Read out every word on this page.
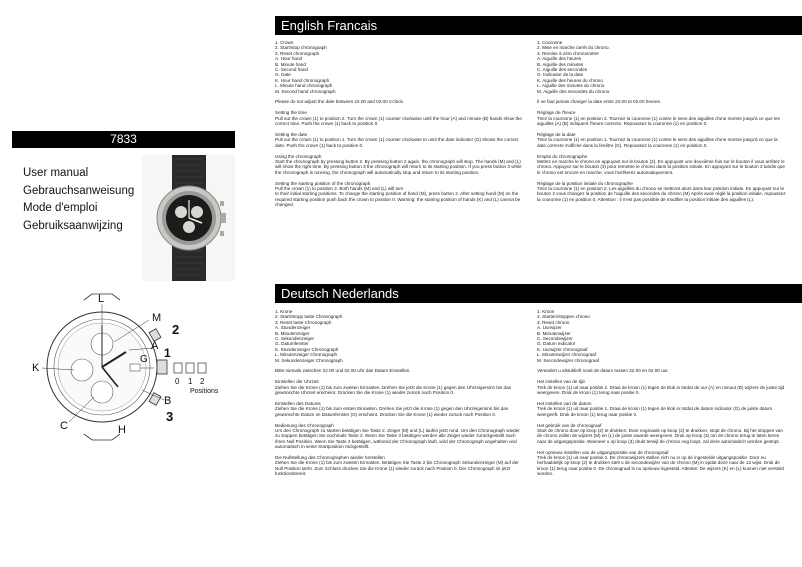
English Francais
Deutsch Nederlands
7833
User manual
Gebrauchsanweisung
Mode d'emploi
Gebruiksaanwijzing
L
M
K
A
G
C
B
H
1
2
3
0 1 2
Positions
1. Crown
2. Start/stop chronograph
3. Reset chronograph
A. Hour hand
B. Minute hand
C. Second hand
G. Date
K. Hour hand chronograph
L. Minute hand chronograph
M. Second hand chronograph

Please do not adjust the date between 22.00 and 02.00 o'clock.

Setting the time
Pull out the crown (1) to position 2. Turn the crown (1) counter clockwise until the hour (A) and minute (B) hands show the correct time. Push the crown (1) back to position 0.

Setting the date
Pull out the crown (1) to position 1. Turn the crown (1) counter clockwise to until the date indicator (G) shows the correct date. Push the crown (1) back to position 0.

Using the chronograph
Start the chronograph by pressing button 2. By pressing button 2 again, the chronograph will stop. The hands (M) and (L) will show the right time. By pressing button 3 the chronograph will return to its starting position. If you press button 3 while the chronograph is running, the chronograph will automatically stop and return to its starting position.

Setting the starting position of the chronograph
Pull the crown (1) to position 2. Both hands (M) and (L) will turn
to their initial starting positions. To change the starting position of hand (M), press button 2. After setting hand (M) on the required starting position push back the crown to position 0. Warning: the starting position of hands (K) and (L) cannot be changed.
1. Couronne
2. Mise en marche /arrêt du chrono.
3. Remise à zéro chronomètre
A. Aiguille des heures
B. Aiguille des minutes
C. Aiguille des secondes
G. Indicatior de la date
K. Aiguille des heures du chrono
L. Aiguille des minutes du chrono
M. Aiguille des secondes du chrono

Il ne faut jamais changer la date entre 22.00 et 02.00 heures.

Réglage de l'heure
Tirez la couronne (1) en position 2. Tournez la couronne (1) contre le sens des aiguilles d'une montre jusqu'à ce que les aiguilles (A) (B) indiquent l'heure correcte. Repoussez la couronne (1) en position 0.

Réglage de la date
Tirez la couronne (1) en position 1. Tournez la couronne (1) contre le sens des aiguilles d'une montre jusqu'à ce que la date correcte s'affiche dans la fenêtre (G). Repoussez la couronne (1) en position 0.

Emploi du chronographe
Mettez en marche le chrono en appuyant sur le bouton (2). En appuyant une deuxième fois sur le bouton il vous arrêtez le chrono. Appuyez sur le bouton (3) pour remettre le chrono dans la position initiale. En appuyant sur le bouton 3 tandis que le chrono est encore en marche, vous l'arrêterez automatiquement.

Réglage de la position initiale du chronographe
Tirez la couronne (1) en position 2. Les aiguilles du chrono se mettront alors dans leur position initiale. En appuyant sur le bouton 2 vous changez la position de l'aiguille des secondes du chrono (M) Après avoir réglé la position initiale, repoussez la couronne (1) en position 0. Attention : il n'est pas possible de modifier la position initiale des aiguilles (L).
1. Krone
2. Start/Stopp taste Chronograph
3. Reset taste Chronograph
A. Stundenzeiger
B. Minutenzeiger
C. Sekundenzeiger
G. Datumfenster
K. Stundenzeiger Chronograph
L. Minutenzeiger Chronograph
M. Sekundenzeiger Chronograph

Bitte niemals zwischen 22.00 und 02.00 Uhr das Datum Einstellen.

Einstellen der Uhrzeit
Ziehen Sie die Krone (1) bis zum zweiten Einrasten. Drehen Sie jetzt die Krone (1) gegen den Uhrzeigersinn bis das gewünschte Uhrzeit erscheint. Drücken Sie die Krone (1) wieder zurück nach Position 0.

Einstellen des Datums
Ziehen Sie die Krone (1) bis zum ersten Einrasten. Drehen Sie jetzt die Krone (1) gegen den Uhrzeigersinn bis das gewünschte Datum im Datumfenster (G) erscheint. Drücken Sie die Krone (1) wieder zurück nach Position 0.

Bedienung des Chronograph
Um den Chronograph zu starten betätigen Sie Taste 2. Zeiger (M) und (L) laufen jetzt rund. Um den Chronograph wieder zu stoppen betätigen Sie nochmals Taste 2. Wenn Sie Taste 3 betätigen werden alle Zeiger wieder zurückgestellt nach ihren Null Position. Wenn Sie Taste 3 betätigen, während der Chronograph läuft, wird der Chronograph angehalten und automatisch in seine Startposition rückgestellt.

Die Nullstellung des Chronographen wieder herstellen
Ziehen Sie die Krone (1) bis zum zweiten Einrasten. Betätigen Sie Taste 2 bis Chronograph Sekundenzeiger (M) auf der Null Position steht. Zum Schluss drucken Sie die Krone (1) wieder zurück nach Position 0. Der Chronograph ist jetzt funktionsbereit.
1. Kroon
2. Starten/stoppen chrono
3. Reset chrono
A. Uurwijzer
B. Minutenwijzer
C. Secondewijzer
G. Datum indicator
K. Uurwijzer chronograaf
L. Minutenwijzer chronograaf
M. Secondewijzer chronograaf

Verandert u alstublieft nooit de datum tussen 22.00 en 02.00 uur.

Het instellen van de tijd.
Trek de kroon (1) uit naar positie 2. Draai de kroon (1) tegen de klok in totdat de uur (A) en minuut (B) wijzers de juiste tijd weergeven. Druk de kroon (1) terug naar positie 0.

Het instellen van de datum
Trek de kroon (1) uit naar positie 1. Draai de kroon (1) tegen de klok in totdat de datum indicator (G) de juiste datum weergeeft. Druk de kroon (1) terug naar positie 0.

Het gebruik van de chronograaf
Start de chrono door op knop (2) te drukken. Door nogmaals op knop (2) te drukken, stopt de chrono. Bij het stoppen van de chrono zullen de wijzers (M) en (L) de juiste waarde weergeven. Druk op knop (3) om de chrono terug te laten keren naar de uitgangspositie. Wanneer u op knop (3) drukt terwijl de chrono nog loopt, zal deze automatisch worden gestopt.

Het opnieuw instellen van de uitgangspositie van de chronograaf
Trek de kroon (1) uit naar positie 2. De chronowijzers stellen zich nu in op de ingestelde uitgangspositie. Door nu herhaaldelijk op knop (2) te drukken stelt u de secondewijzer van de chrono (M) in opdat deze naar de 12 wijst. Druk de kroon (1) terug naar positie 0. De chronograaf is nu opnieuw ingesteld. Attentie: De wijzers (K) en (L) kunnen niet versteld worden.
